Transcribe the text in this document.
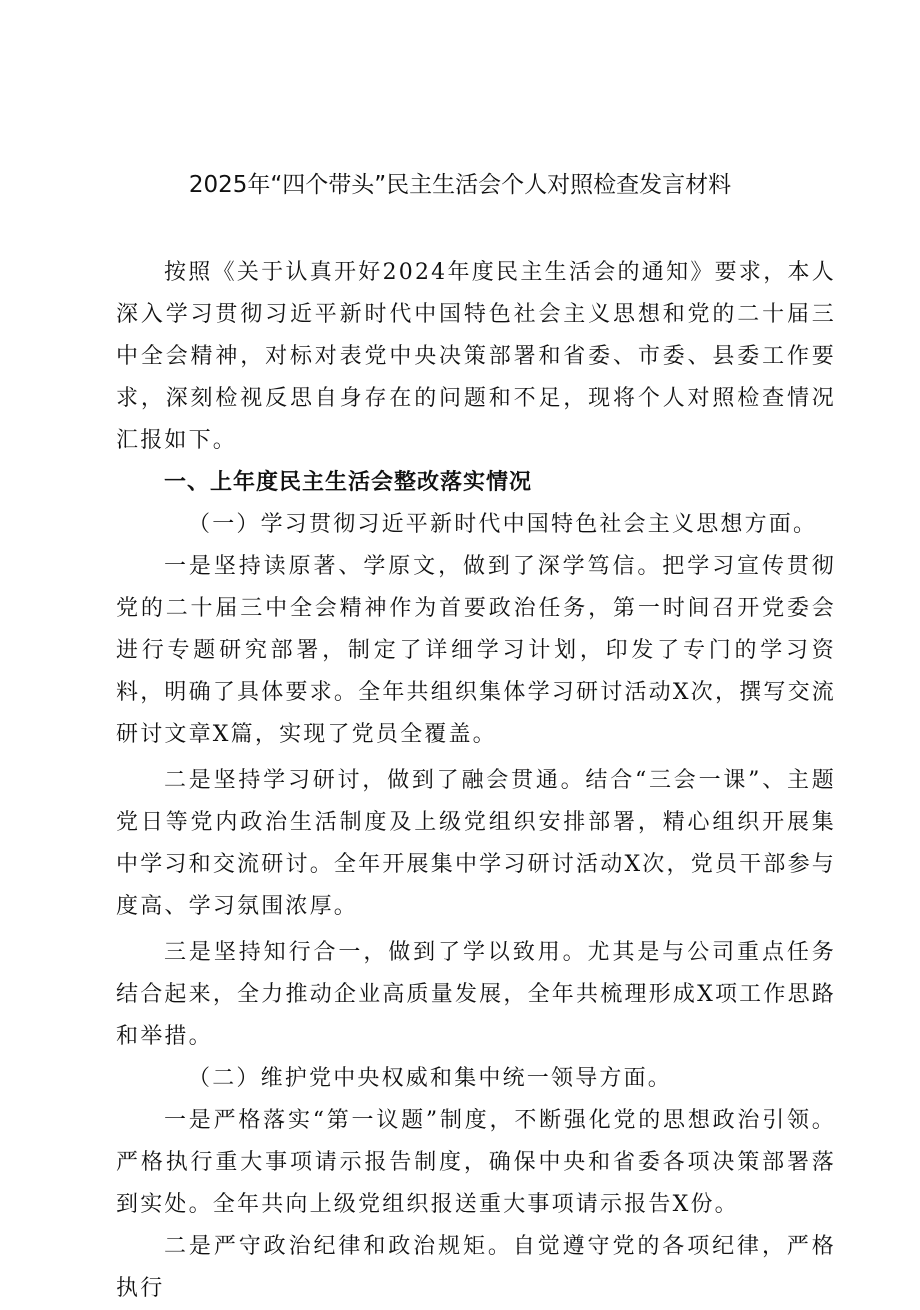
2025年“四个带头”民主生活会个人对照检查发言材料

按照《关于认真开好2024年度民主生活会的通知》要求，本人深入学习贯彻习近平新时代中国特色社会主义思想和党的二十届三中全会精神，对标对表党中央决策部署和省委、市委、县委工作要求，深刻检视反思自身存在的问题和不足，现将个人对照检查情况汇报如下。

一、上年度民主生活会整改落实情况

（一）学习贯彻习近平新时代中国特色社会主义思想方面。

一是坚持读原著、学原文，做到了深学笃信。把学习宣传贯彻党的二十届三中全会精神作为首要政治任务，第一时间召开党委会进行专题研究部署，制定了详细学习计划，印发了专门的学习资料，明确了具体要求。全年共组织集体学习研讨活动X次，撰写交流研讨文章X篇，实现了党员全覆盖。

二是坚持学习研讨，做到了融会贯通。结合“三会一课”、主题党日等党内政治生活制度及上级党组织安排部署，精心组织开展集中学习和交流研讨。全年开展集中学习研讨活动X次，党员干部参与度高、学习氛围浓厚。

三是坚持知行合一，做到了学以致用。尤其是与公司重点任务结合起来，全力推动企业高质量发展，全年共梳理形成X项工作思路和举措。

（二）维护党中央权威和集中统一领导方面。

一是严格落实“第一议题”制度，不断强化党的思想政治引领。严格执行重大事项请示报告制度，确保中央和省委各项决策部署落到实处。全年共向上级党组织报送重大事项请示报告X份。

二是严守政治纪律和政治规矩。自觉遵守党的各项纪律，严格执行
